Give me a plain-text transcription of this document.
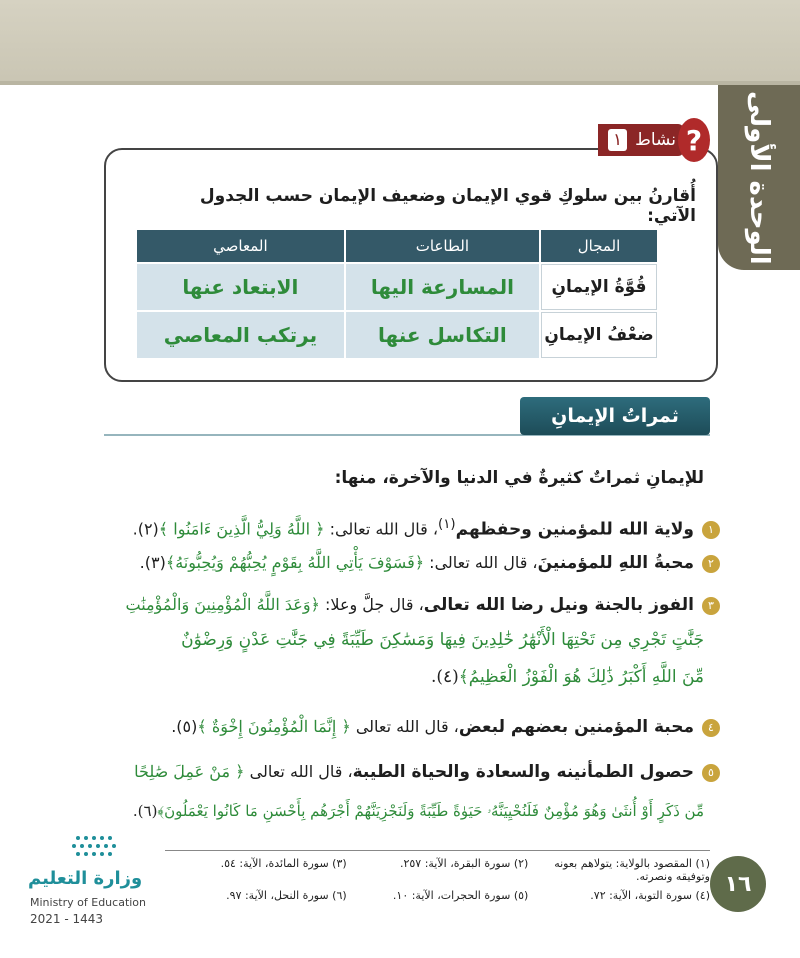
الوحدة الأولى
?
نشاط
١
أُقارنُ بين سلوكِ قوي الإيمان وضعيف الإيمان حسب الجدول الآتي:
المجال	الطاعات	المعاصي
قُوَّةُ الإيمانِ	المسارعة اليها	الابتعاد عنها
ضعْفُ الإيمانِ	التكاسل عنها	يرتكب المعاصي
ثمراتُ الإيمانِ
للإيمانِ ثمراتٌ كثيرةٌ في الدنيا والآخرة، منها:
١ولاية الله للمؤمنين وحفظهم$^{(١)}$، قال الله تعالى: ﴿ اللَّهُ وَلِيُّ الَّذِينَ ءَامَنُوا ﴾(٢).
٢محبةُ اللهِ للمؤمنينَ، قال الله تعالى: ﴿فَسَوْفَ يَأْتِي اللَّهُ بِقَوْمٍ يُحِبُّهُمْ وَيُحِبُّونَهُ﴾(٣).
٣الفوز بالجنة ونيل رضا الله تعالى، قال جلَّ وعلا: ﴿وَعَدَ اللَّهُ الْمُؤْمِنِينَ وَالْمُؤْمِنَٰتِ
جَنَّٰتٍ تَجْرِي مِن تَحْتِهَا الْأَنْهَٰرُ خَٰلِدِينَ فِيهَا وَمَسَٰكِنَ طَيِّبَةً فِي جَنَّٰتِ عَدْنٍ وَرِضْوَٰنٌ
مِّنَ اللَّهِ أَكْبَرُ ذَٰلِكَ هُوَ الْفَوْزُ الْعَظِيمُ﴾(٤).
٤محبة المؤمنين بعضهم لبعض، قال الله تعالى ﴿ إِنَّمَا الْمُؤْمِنُونَ إِخْوَةٌ ﴾(٥).
٥حصول الطمأنينه والسعادة والحياة الطيبة، قال الله تعالى ﴿ مَنْ عَمِلَ صَٰلِحًا
مِّن ذَكَرٍ أَوْ أُنثَىٰ وَهُوَ مُؤْمِنٌ فَلَنُحْيِيَنَّهُۥ حَيَوٰةً طَيِّبَةً وَلَنَجْزِيَنَّهُمْ أَجْرَهُم بِأَحْسَنِ مَا كَانُوا يَعْمَلُونَ﴾(٦).
(١) المقصود بالولاية: يتولاهم بعونه وتوفيقه ونصرته.
(٢) سورة البقرة، الآية: ٢٥٧.
(٣) سورة المائدة، الآية: ٥٤.
(٤) سورة التوبة، الآية: ٧٢.
(٥) سورة الحجرات، الآية: ١٠.
(٦) سورة النحل، الآية: ٩٧.	١٦
وزارة التعليم
Ministry of Education
2021 - 1443
